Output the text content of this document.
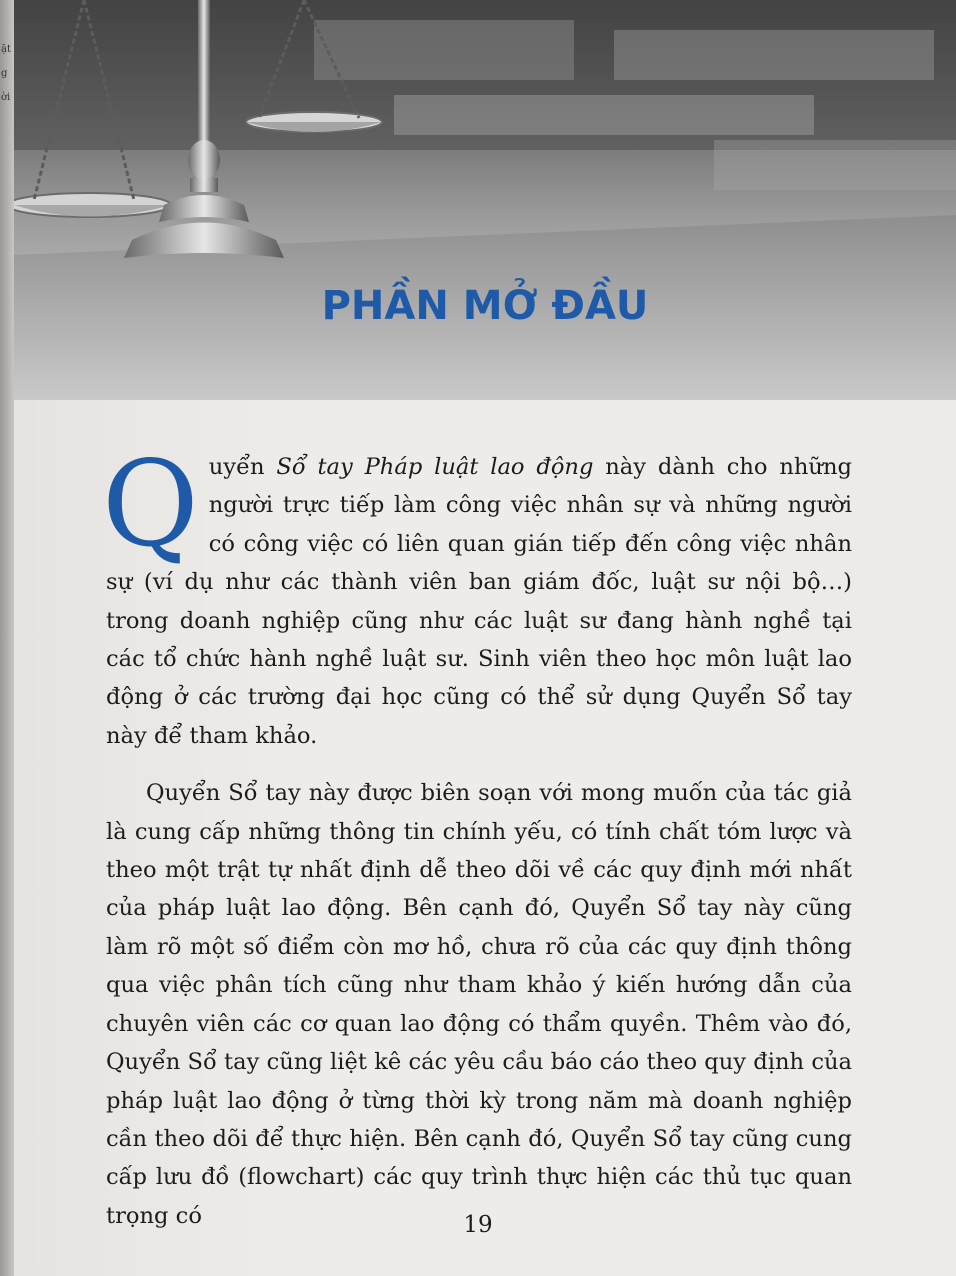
ặt
g
ời
PHẦN MỞ ĐẦU

Quyển Sổ tay Pháp luật lao động này dành cho những người trực tiếp làm công việc nhân sự và những người có công việc có liên quan gián tiếp đến công việc nhân sự (ví dụ như các thành viên ban giám đốc, luật sư nội bộ…) trong doanh nghiệp cũng như các luật sư đang hành nghề tại các tổ chức hành nghề luật sư. Sinh viên theo học môn luật lao động ở các trường đại học cũng có thể sử dụng Quyển Sổ tay này để tham khảo.

Quyển Sổ tay này được biên soạn với mong muốn của tác giả là cung cấp những thông tin chính yếu, có tính chất tóm lược và theo một trật tự nhất định dễ theo dõi về các quy định mới nhất của pháp luật lao động. Bên cạnh đó, Quyển Sổ tay này cũng làm rõ một số điểm còn mơ hồ, chưa rõ của các quy định thông qua việc phân tích cũng như tham khảo ý kiến hướng dẫn của chuyên viên các cơ quan lao động có thẩm quyền. Thêm vào đó, Quyển Sổ tay cũng liệt kê các yêu cầu báo cáo theo quy định của pháp luật lao động ở từng thời kỳ trong năm mà doanh nghiệp cần theo dõi để thực hiện. Bên cạnh đó, Quyển Sổ tay cũng cung cấp lưu đồ (flowchart) các quy trình thực hiện các thủ tục quan trọng có	19
